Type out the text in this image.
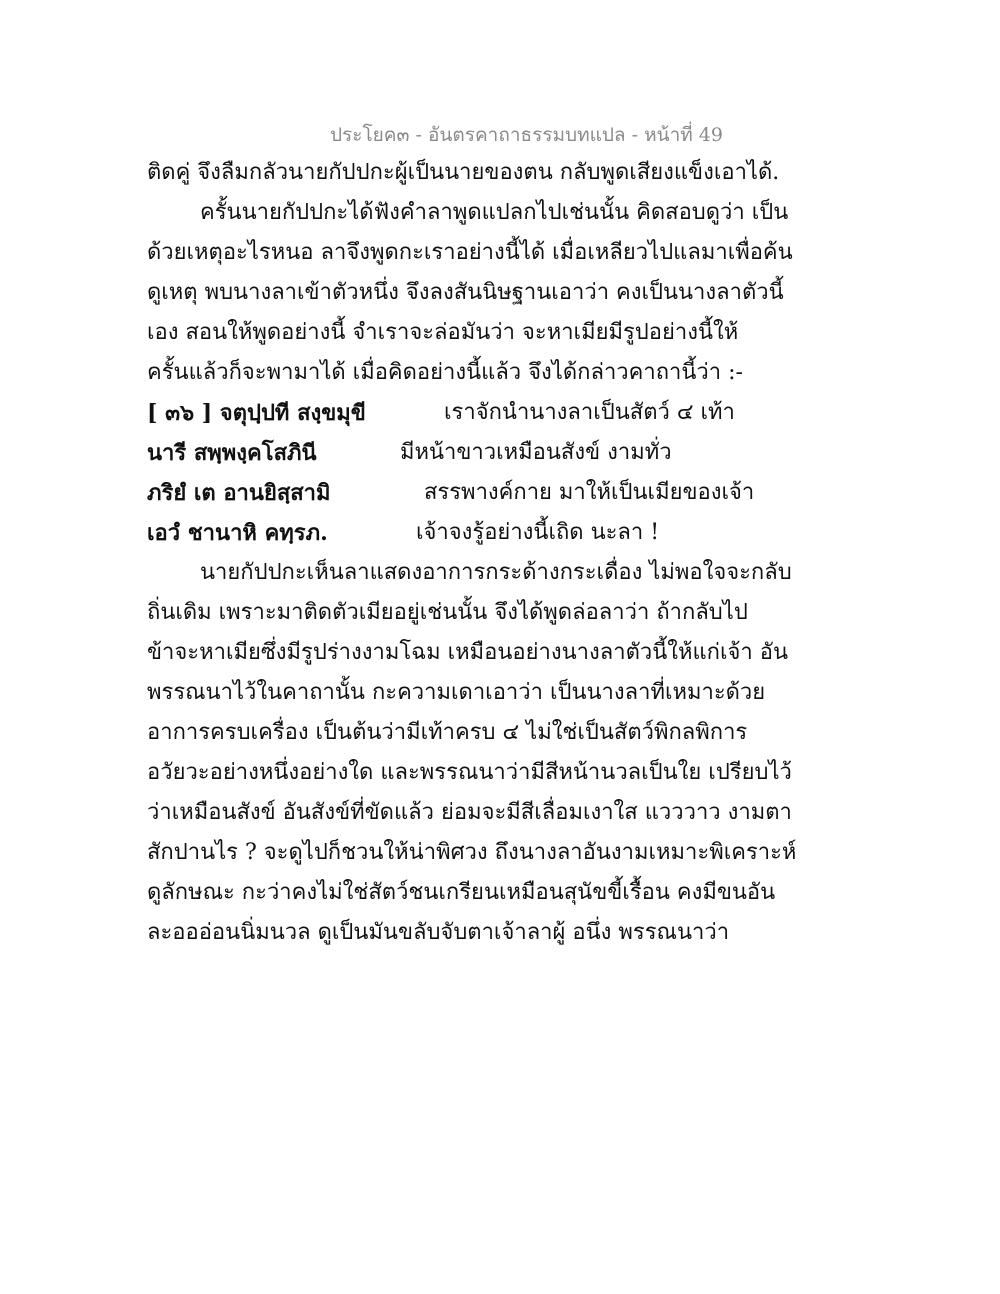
ประโยค๓ - อันตรคาถาธรรมบทแปล - หน้าที่ 49
ติดคู่ จึงลืมกลัวนายกัปปกะผู้เป็นนายของตน กลับพูดเสียงแข็งเอาได้.
ครั้นนายกัปปกะได้ฟังคำลาพูดแปลกไปเช่นนั้น คิดสอบดูว่า เป็น
ด้วยเหตุอะไรหนอ ลาจึงพูดกะเราอย่างนี้ได้ เมื่อเหลียวไปแลมาเพื่อค้น
ดูเหตุ พบนางลาเข้าตัวหนึ่ง จึงลงสันนิษฐานเอาว่า คงเป็นนางลาตัวนี้
เอง สอนให้พูดอย่างนี้ จำเราจะล่อมันว่า จะหาเมียมีรูปอย่างนี้ให้
ครั้นแล้วก็จะพามาได้ เมื่อคิดอย่างนี้แล้ว จึงได้กล่าวคาถานี้ว่า :-
[ ๓๖ ] จตุปฺปที สงฺขมุขี	เราจักนำนางลาเป็นสัตว์ ๔ เท้า
นารี สพฺพงฺคโสภินี	มีหน้าขาวเหมือนสังข์ งามทั่ว
ภริยํ เต อานยิสฺสามิ	สรรพางค์กาย มาให้เป็นเมียของเจ้า
เอวํ ชานาหิ คทฺรภ.	เจ้าจงรู้อย่างนี้เถิด นะลา !
นายกัปปกะเห็นลาแสดงอาการกระด้างกระเดื่อง ไม่พอใจจะกลับ
ถิ่นเดิม เพราะมาติดตัวเมียอยู่เช่นนั้น จึงได้พูดล่อลาว่า ถ้ากลับไป
ข้าจะหาเมียซึ่งมีรูปร่างงามโฉม เหมือนอย่างนางลาตัวนี้ให้แก่เจ้า อัน
พรรณนาไว้ในคาถานั้น กะความเดาเอาว่า เป็นนางลาที่เหมาะด้วย
อาการครบเครื่อง เป็นต้นว่ามีเท้าครบ ๔ ไม่ใช่เป็นสัตว์พิกลพิการ
อวัยวะอย่างหนึ่งอย่างใด และพรรณนาว่ามีสีหน้านวลเป็นใย เปรียบไว้
ว่าเหมือนสังข์ อันสังข์ที่ขัดแล้ว ย่อมจะมีสีเลื่อมเงาใส แวววาว งามตา
สักปานไร ? จะดูไปก็ชวนให้น่าพิศวง ถึงนางลาอันงามเหมาะพิเคราะห์
ดูลักษณะ กะว่าคงไม่ใช่สัตว์ชนเกรียนเหมือนสุนัขขี้เรื้อน คงมีขนอัน
ละอออ่อนนิ่มนวล ดูเป็นมันขลับจับตาเจ้าลาผู้ อนึ่ง พรรณนาว่า
